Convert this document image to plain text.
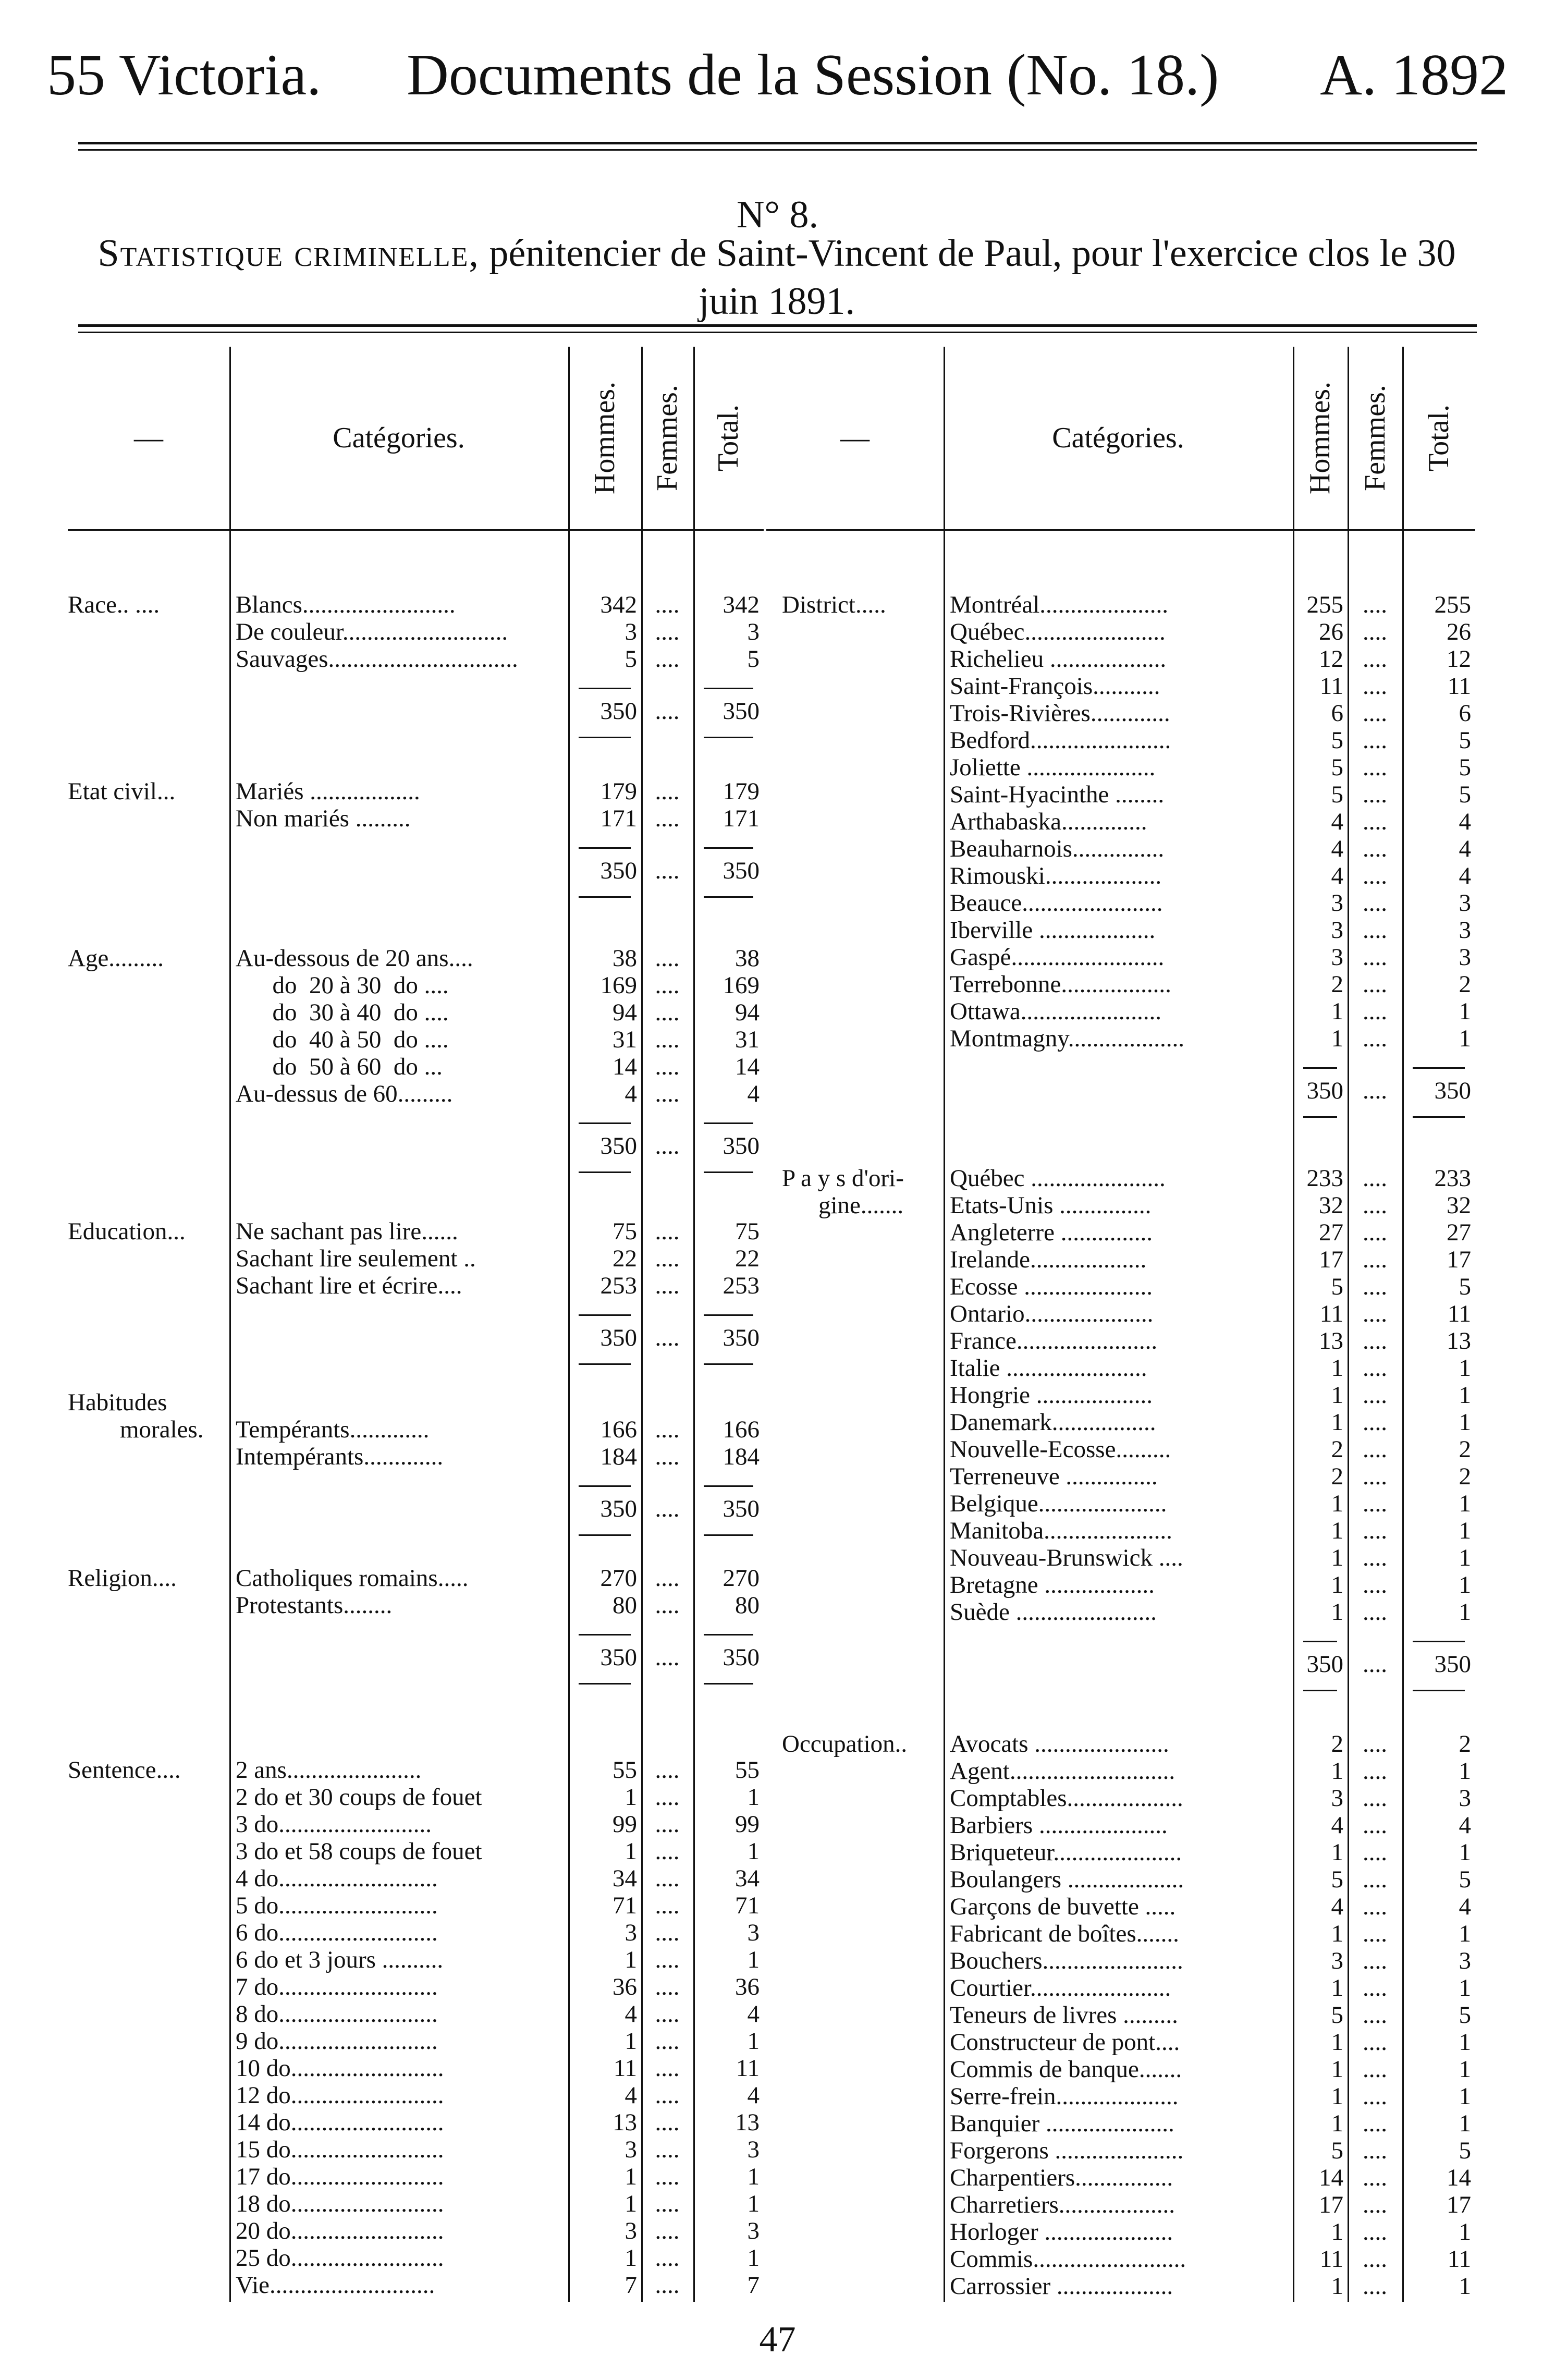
55 Victoria. Documents de la Session (No. 18.) A. 1892
N° 8.
Statistique criminelle, pénitencier de Saint-Vincent de Paul, pour l'exercice clos le 30 juin 1891.
—	Catégories.	Hommes. Femmes. Total.
Race.. ....	Blancs.........................	342 ....	342
De couleur...........................	3 ....	3
Sauvages...............................	5 ....	5
350 ....	350
Etat civil... Mariés ..................	179 ....	179
Non mariés .........	171 ....	171
350 ....	350
Age.........	Au-dessous de 20 ans....	38 ....	38
do  20 à 30  do ....	169 ....	169
do  30 à 40  do ....	94 ....	94
do  40 à 50  do ....	31 ....	31
do  50 à 60  do ...	14 ....	14
Au-dessus de 60.........	4 ....	4
350 ....	350
Education... Ne sachant pas lire......	75 ....	75
Sachant lire seulement ..	22 ....	22
Sachant lire et écrire....	253 ....	253
350 ....	350
Habitudes
morales. Tempérants.............	166 ....	166
Intempérants.............	184 ....	184
350 ....	350
Religion.... Catholiques romains.....	270 ....	270
Protestants........	80 ....	80
350 ....	350
Sentence.... 2 ans......................	55 ....	55
2 do et 30 coups de fouet	1 ....	1
3 do.........................	99 ....	99
3 do et 58 coups de fouet	1 ....	1
4 do..........................	34 ....	34
5 do..........................	71 ....	71
6 do..........................	3 ....	3
6 do et 3 jours ..........	1 ....	1
7 do..........................	36 ....	36
8 do..........................	4 ....	4
9 do..........................	1 ....	1
10 do.........................	11 ....	11
12 do.........................	4 ....	4
14 do.........................	13 ....	13
15 do.........................	3 ....	3
17 do.........................	1 ....	1
18 do.........................	1 ....	1
20 do.........................	3 ....	3
25 do.........................	1 ....	1
Vie...........................	7 ....	7
—	Catégories.	Hommes. Femmes. Total.
District.....	Montréal.....................	255 ....	255
Québec.......................	26 ....	26
Richelieu ...................	12 ....	12
Saint-François...........	11 ....	11
Trois-Rivières.............	6 ....	6
Bedford.......................	5 ....	5
Joliette .....................	5 ....	5
Saint-Hyacinthe ........	5 ....	5
Arthabaska..............	4 ....	4
Beauharnois...............	4 ....	4
Rimouski...................	4 ....	4
Beauce.......................	3 ....	3
Iberville ...................	3 ....	3
Gaspé.........................	3 ....	3
Terrebonne..................	2 ....	2
Ottawa.......................	1 ....	1
Montmagny...................	1 ....	1
350 ....	350
P a y s d'ori-
gine.......
Québec ......................	233 ....	233
Etats-Unis ...............	32 ....	32
Angleterre ...............	27 ....	27
Irelande...................	17 ....	17
Ecosse .....................	5 ....	5
Ontario.....................	11 ....	11
France.......................	13 ....	13
Italie .......................	1 ....	1
Hongrie ...................	1 ....	1
Danemark.................	1 ....	1
Nouvelle-Ecosse.........	2 ....	2
Terreneuve ...............	2 ....	2
Belgique.....................	1 ....	1
Manitoba.....................	1 ....	1
Nouveau-Brunswick ....	1 ....	1
Bretagne ..................	1 ....	1
Suède .......................	1 ....	1
350 ....	350
Occupation.. Avocats ......................	2 ....	2
Agent...........................	1 ....	1
Comptables...................	3 ....	3
Barbiers .....................	4 ....	4
Briqueteur.....................	1 ....	1
Boulangers ...................	5 ....	5
Garçons de buvette .....	4 ....	4
Fabricant de boîtes.......	1 ....	1
Bouchers.......................	3 ....	3
Courtier.......................	1 ....	1
Teneurs de livres .........	5 ....	5
Constructeur de pont....	1 ....	1
Commis de banque.......	1 ....	1
Serre-frein....................	1 ....	1
Banquier .....................	1 ....	1
Forgerons .....................	5 ....	5
Charpentiers................	14 ....	14
Charretiers...................	17 ....	17
Horloger .....................	1 ....	1
Commis.........................	11 ....	11
Carrossier ...................	1 ....	1
47
